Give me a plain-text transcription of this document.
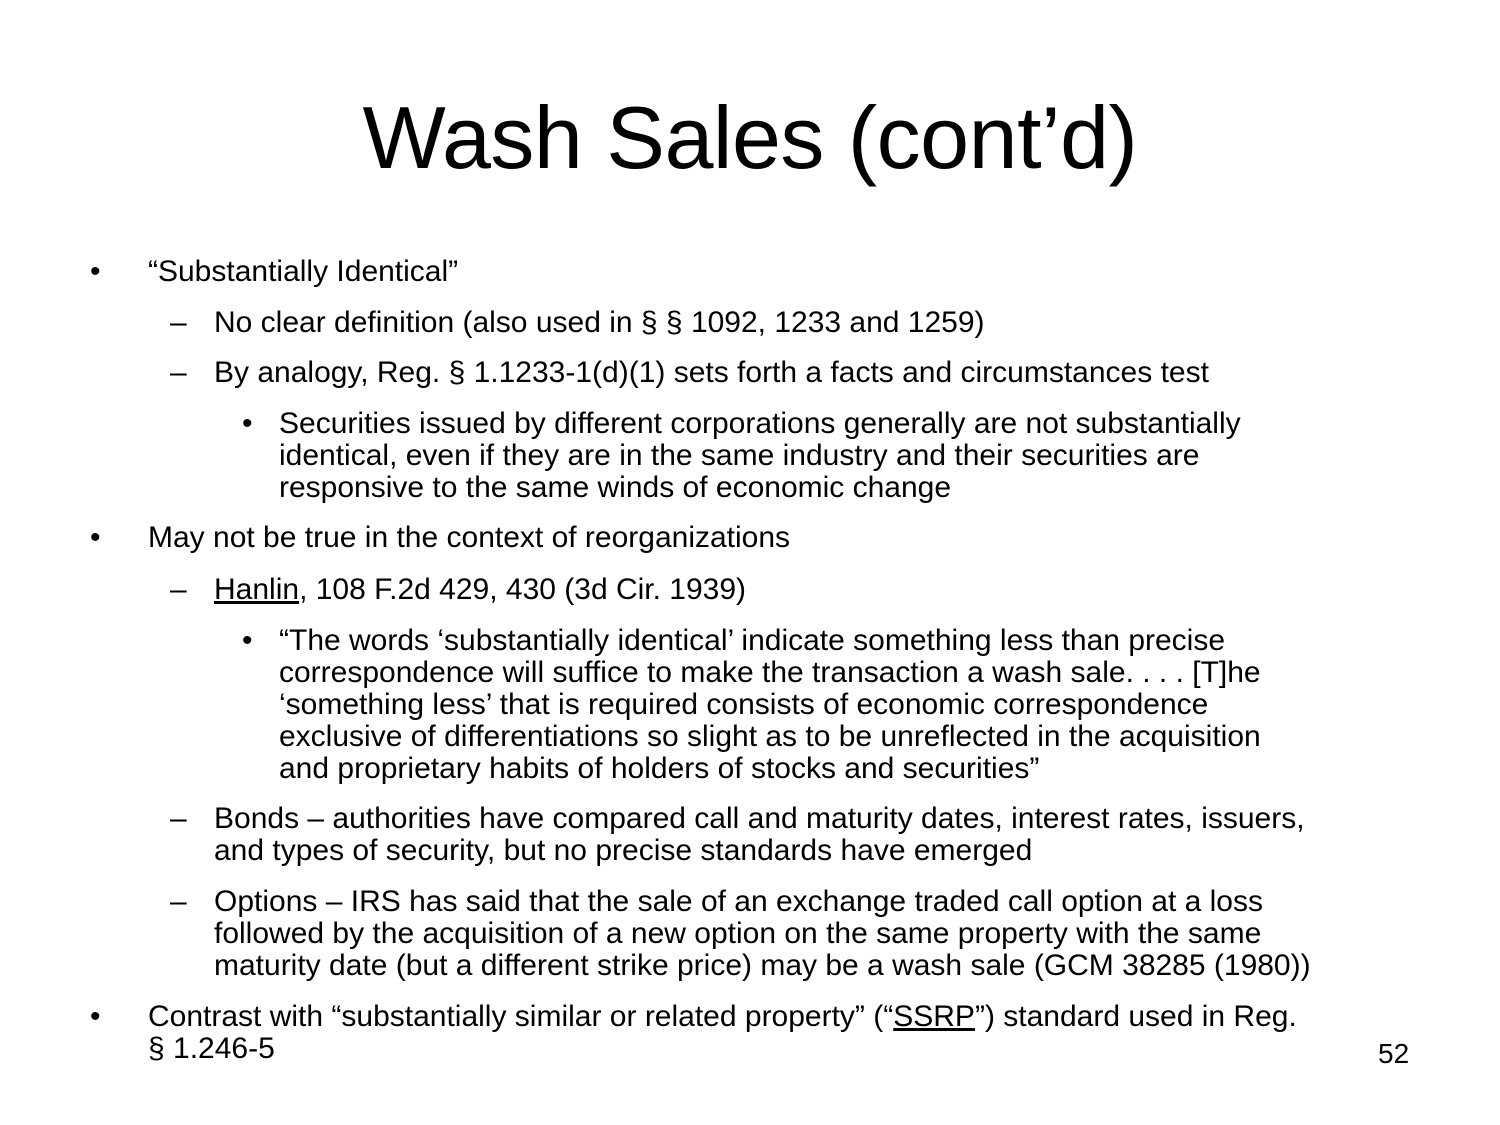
Wash Sales (cont’d)
•	“Substantially Identical”
– No clear definition (also used in § § 1092, 1233 and 1259)
– By analogy, Reg. § 1.1233-1(d)(1) sets forth a facts and circumstances test
• Securities issued by different corporations generally are not substantially
identical, even if they are in the same industry and their securities are
responsive to the same winds of economic change
•	May not be true in the context of reorganizations
– Hanlin, 108 F.2d 429, 430 (3d Cir. 1939)
• “The words ‘substantially identical’ indicate something less than precise
correspondence will suffice to make the transaction a wash sale. . . . [T]he
‘something less’ that is required consists of economic correspondence
exclusive of differentiations so slight as to be unreflected in the acquisition
and proprietary habits of holders of stocks and securities”
– Bonds – authorities have compared call and maturity dates, interest rates, issuers,
and types of security, but no precise standards have emerged
– Options – IRS has said that the sale of an exchange traded call option at a loss
followed by the acquisition of a new option on the same property with the same
maturity date (but a different strike price) may be a wash sale (GCM 38285 (1980))
•	Contrast with “substantially similar or related property” (“SSRP”) standard used in Reg.
§ 1.246-5	52
